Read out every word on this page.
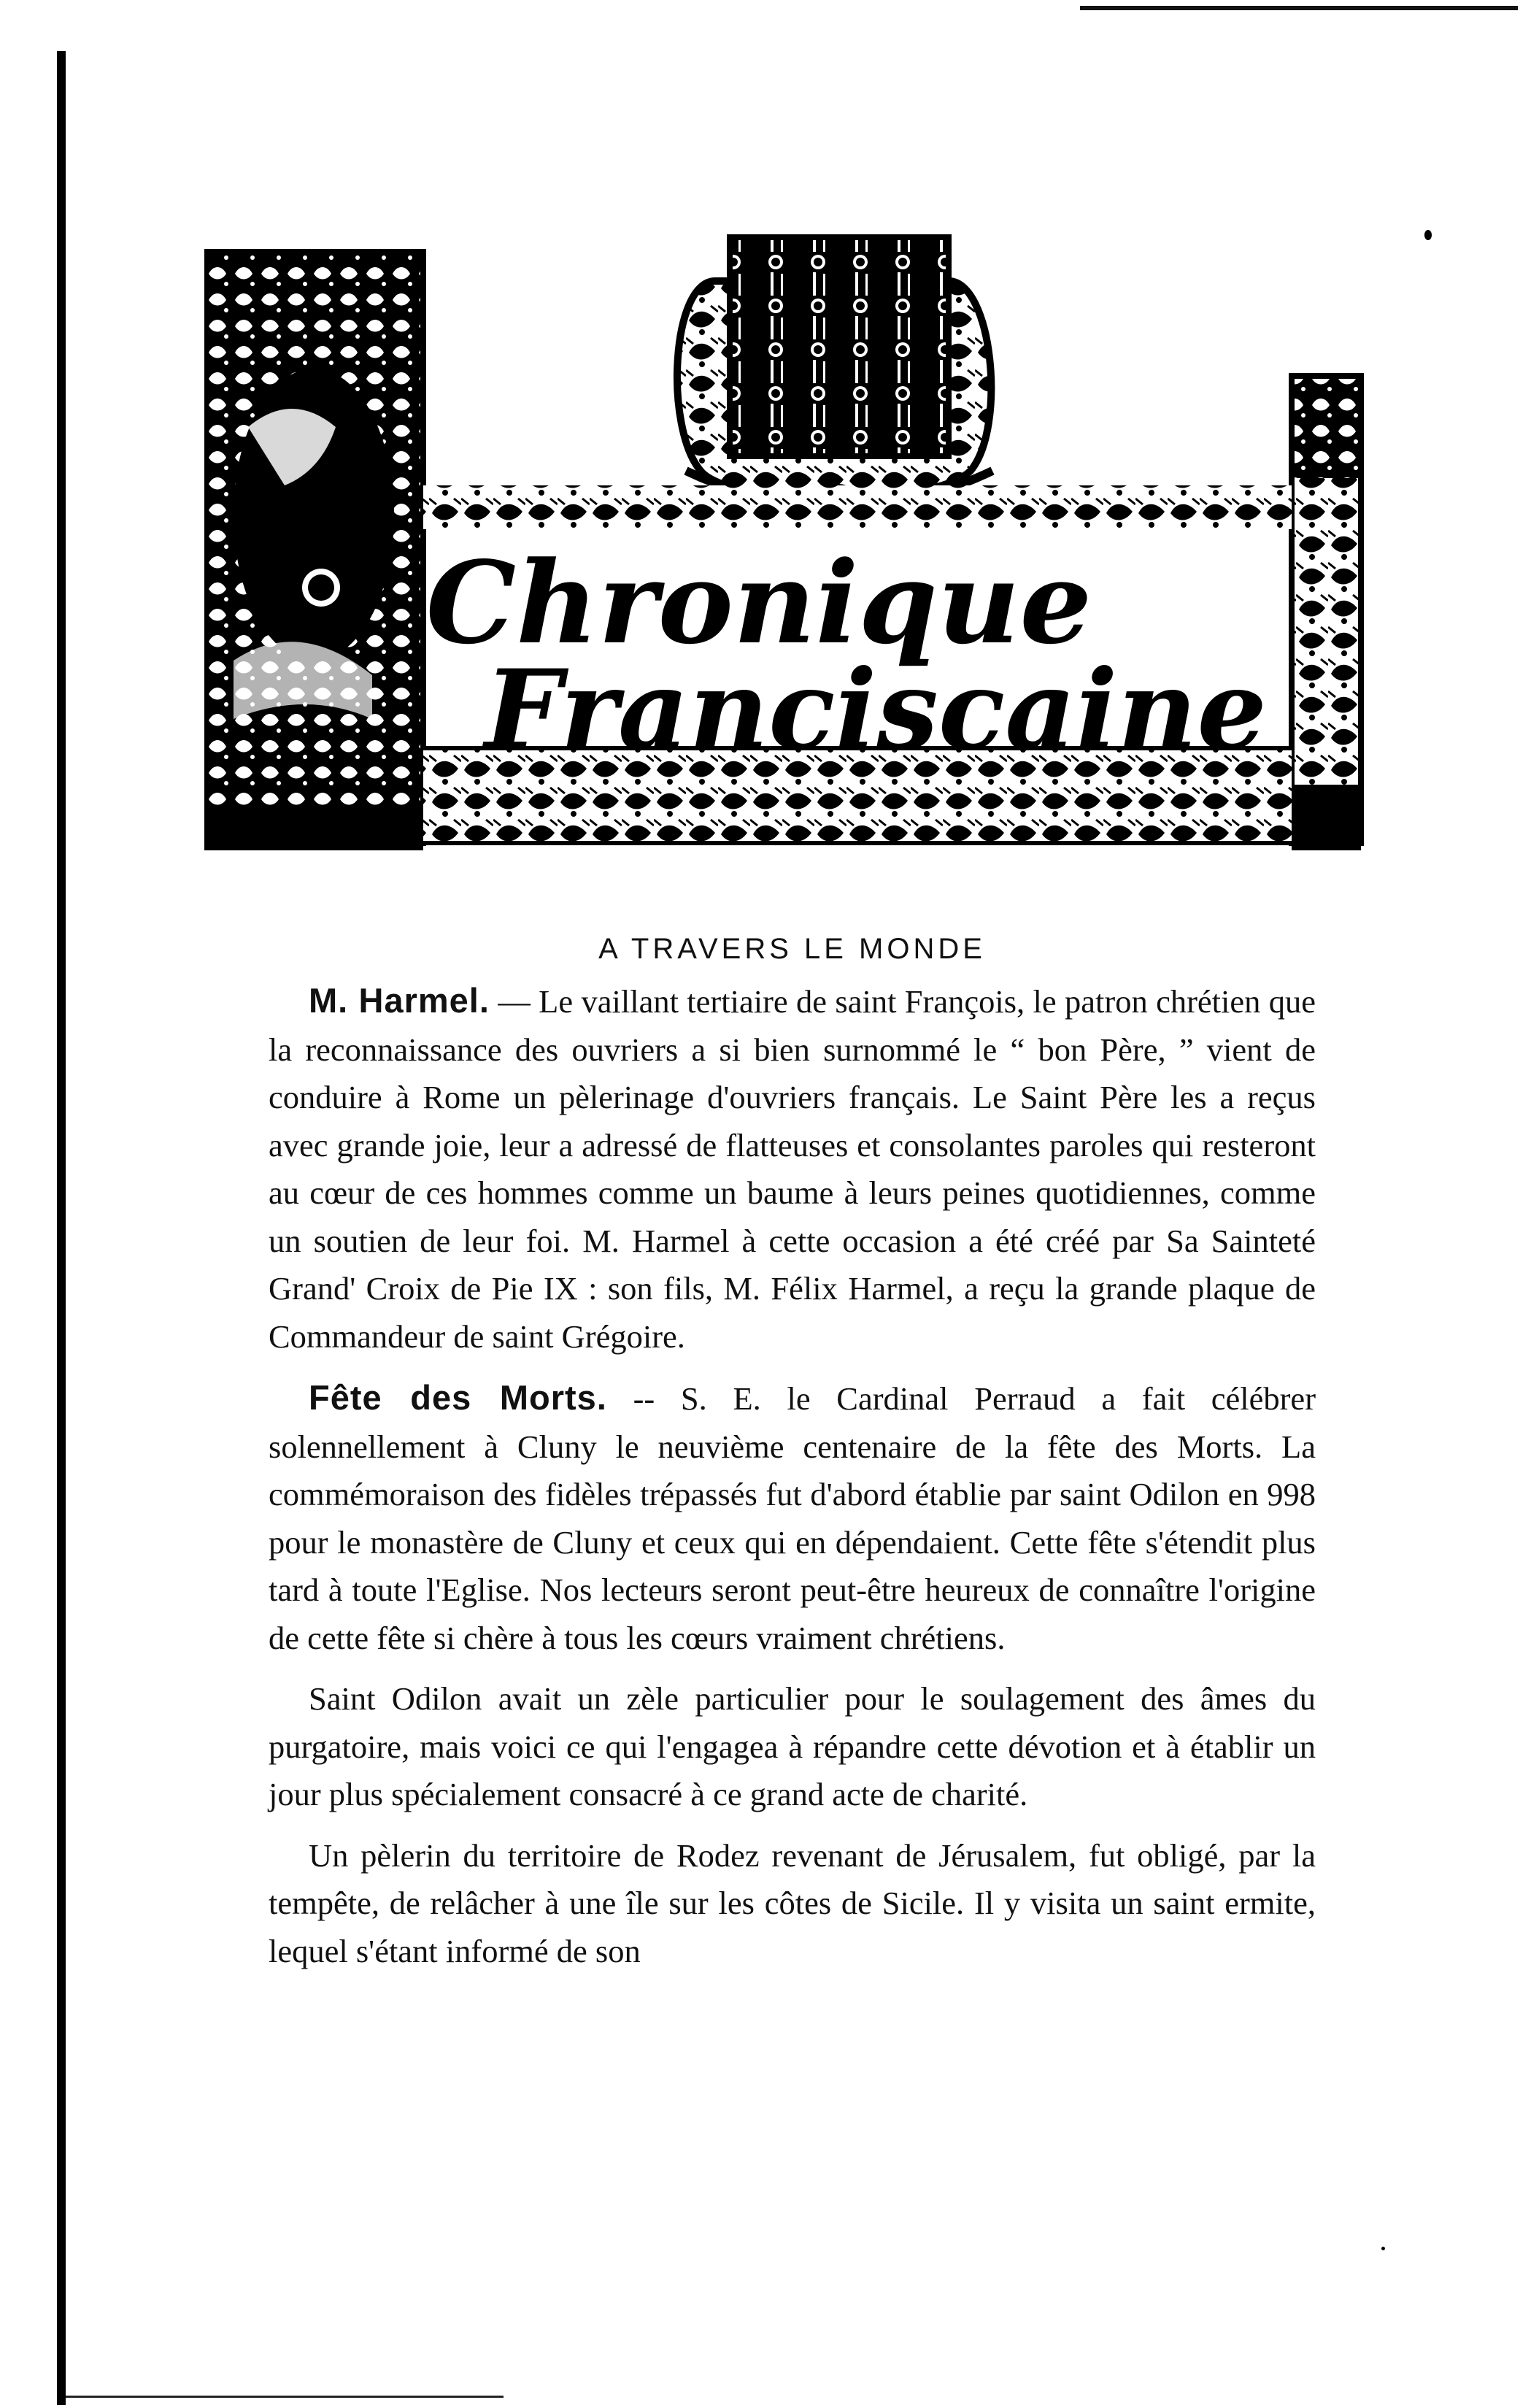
Chronique
Franciscaine
A TRAVERS LE MONDE

M. Harmel. — Le vaillant tertiaire de saint François, le patron chrétien que la reconnaissance des ouvriers a si bien surnommé le “ bon Père, ” vient de conduire à Rome un pèlerinage d'ouvriers français. Le Saint Père les a reçus avec grande joie, leur a adressé de flatteuses et consolantes paroles qui resteront au cœur de ces hommes comme un baume à leurs peines quotidiennes, comme un soutien de leur foi. M. Harmel à cette occasion a été créé par Sa Sainteté Grand' Croix de Pie IX : son fils, M. Félix Harmel, a reçu la grande plaque de Commandeur de saint Grégoire.

Fête des Morts. -- S. E. le Cardinal Perraud a fait célébrer solennellement à Cluny le neuvième centenaire de la fête des Morts. La commémoraison des fidèles trépassés fut d'abord établie par saint Odilon en 998 pour le monastère de Cluny et ceux qui en dépendaient. Cette fête s'étendit plus tard à toute l'Eglise. Nos lecteurs seront peut-être heureux de connaître l'origine de cette fête si chère à tous les cœurs vraiment chrétiens.

Saint Odilon avait un zèle particulier pour le soulagement des âmes du purgatoire, mais voici ce qui l'engagea à répandre cette dévotion et à établir un jour plus spécialement consacré à ce grand acte de charité.

Un pèlerin du territoire de Rodez revenant de Jérusalem, fut obligé, par la tempête, de relâcher à une île sur les côtes de Sicile. Il y visita un saint ermite, lequel s'étant informé de son
